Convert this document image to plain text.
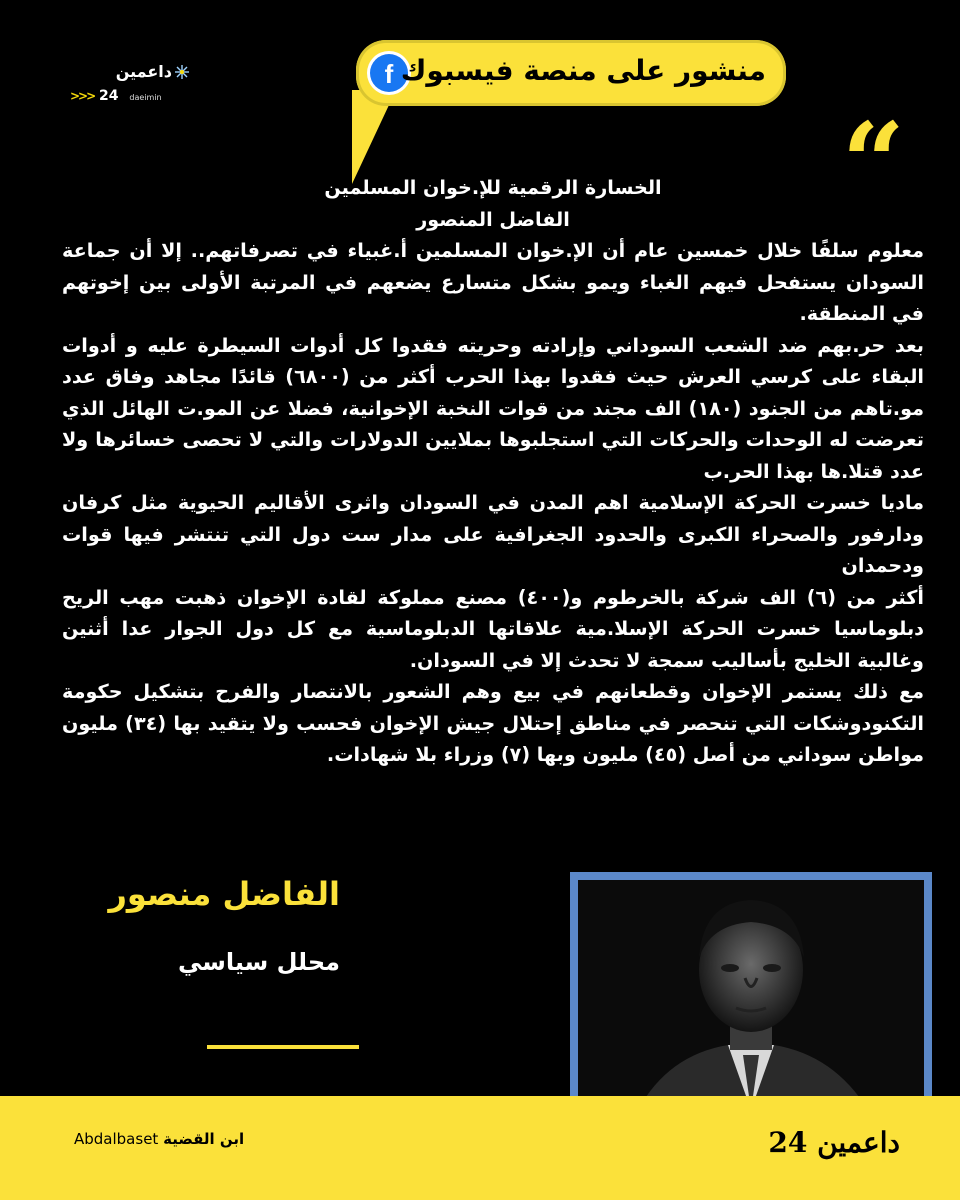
داعمين
>>> 24 daeimin
f منشور على منصة فيسبوك
“

الخسارة الرقمية للإ.خوان المسلمين

الفاضل المنصور

معلوم سلفًا خلال خمسين عام أن الإ.خوان المسلمين أ.غبياء في تصرفاتهم.. إلا أن جماعة السودان يستفحل فيهم الغباء ويمو بشكل متسارع يضعهم في المرتبة الأولى بين إخوتهم في المنطقة.

بعد حر.بهم ضد الشعب السوداني وإرادته وحريته فقدوا كل أدوات السيطرة عليه و أدوات البقاء على كرسي العرش حيث فقدوا بهذا الحرب أكثر من (٦٨٠٠) قائدًا مجاهد وفاق عدد مو.تاهم من الجنود (١٨٠) الف مجند من قوات النخبة الإخوانية، فضلا عن المو.ت الهائل الذي تعرضت له الوحدات والحركات التي استجلبوها بملايين الدولارات والتي لا تحصى خسائرها ولا عدد قتلا.ها بهذا الحر.ب

ماديا خسرت الحركة الإسلامية اهم المدن في السودان واثرى الأقاليم الحيوية مثل كرفان ودارفور والصحراء الكبرى والحدود الجغرافية على مدار ست دول التي تنتشر فيها قوات ودحمدان

أكثر من (٦) الف شركة بالخرطوم و(٤٠٠) مصنع مملوكة لقادة الإخوان ذهبت مهب الريح دبلوماسيا خسرت الحركة الإسلا.مية علاقاتها الدبلوماسية مع كل دول الجوار عدا أثنين وغالبية الخليج بأساليب سمجة لا تحدث إلا في السودان.

مع ذلك يستمر الإخوان وقطعانهم في بيع وهم الشعور بالانتصار والفرح بتشكيل حكومة التكنودوشكات التي تنحصر في مناطق إحتلال جيش الإخوان فحسب ولا يتقيد بها (٣٤) مليون مواطن سوداني من أصل (٤٥) مليون وبها (٧) وزراء بلا شهادات.

الفاضل منصور
محلل سياسي
Abdalbaset ابن القضية	داعمين 24
